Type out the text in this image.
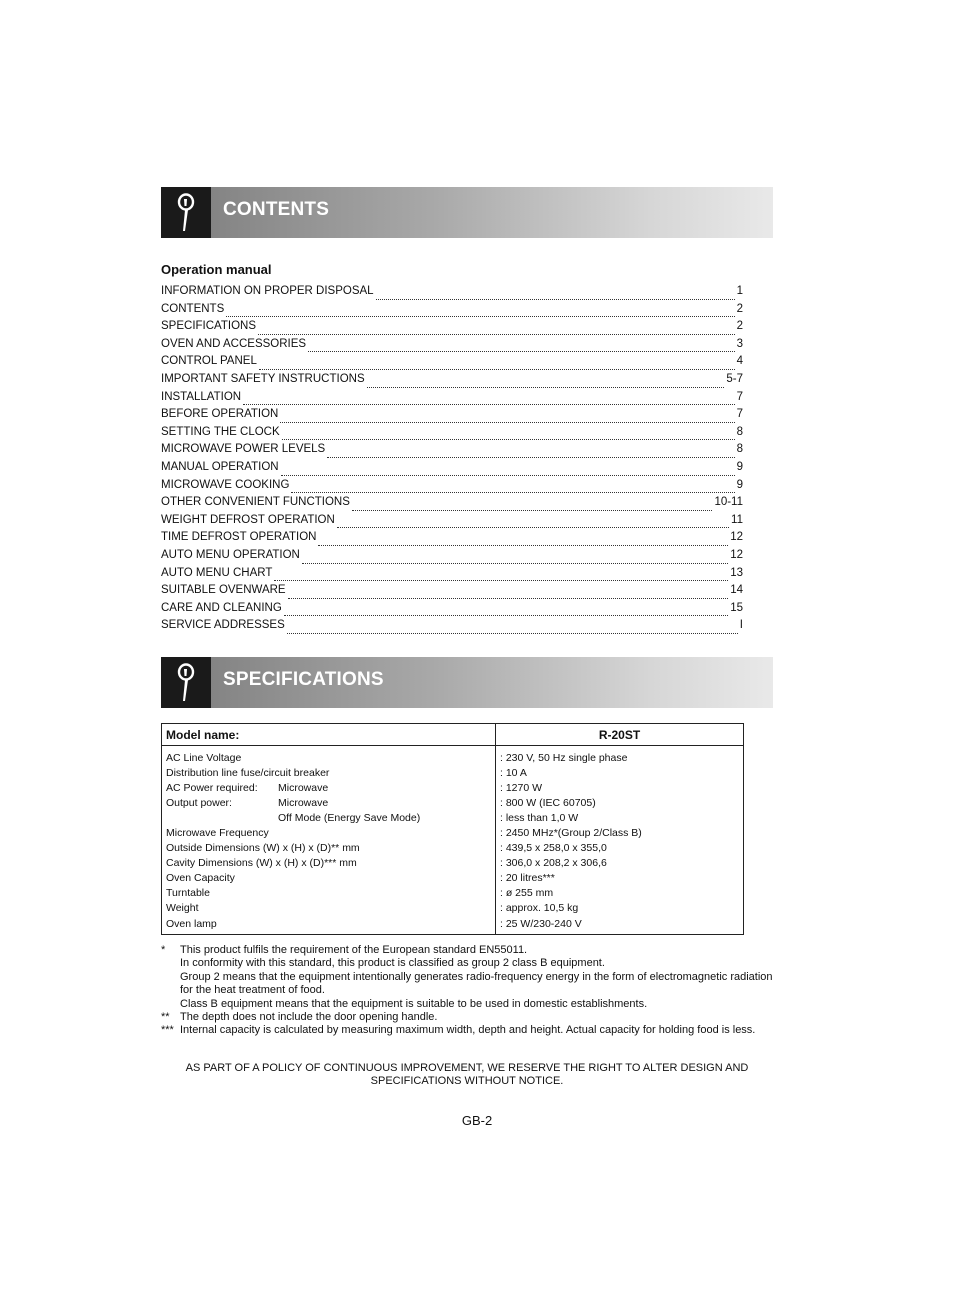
CONTENTS
Operation manual
INFORMATION ON PROPER DISPOSAL	1
CONTENTS	2
SPECIFICATIONS	2
OVEN AND ACCESSORIES	3
CONTROL PANEL	4
IMPORTANT SAFETY INSTRUCTIONS	5-7
INSTALLATION	7
BEFORE OPERATION	7
SETTING THE CLOCK	8
MICROWAVE POWER LEVELS	8
MANUAL OPERATION	9
MICROWAVE COOKING	9
OTHER CONVENIENT FUNCTIONS	10-11
WEIGHT DEFROST OPERATION	11
TIME DEFROST OPERATION	12
AUTO MENU OPERATION	12
AUTO MENU CHART	13
SUITABLE OVENWARE	14
CARE AND CLEANING	15
SERVICE ADDRESSES	I
SPECIFICATIONS
Model name:	R-20ST
AC Line Voltage	: 230 V, 50 Hz single phase
Distribution line fuse/circuit breaker	: 10 A
AC Power required: Microwave	: 1270 W
Output power: Microwave	: 800 W (IEC 60705)
Off Mode (Energy Save Mode)	: less than 1,0 W
Microwave Frequency	: 2450 MHz*(Group 2/Class B)
Outside Dimensions (W) x (H) x (D)** mm	: 439,5 x 258,0 x 355,0
Cavity Dimensions (W) x (H) x (D)*** mm	: 306,0 x 208,2 x 306,6
Oven Capacity	: 20 litres***
Turntable	: ø 255 mm
Weight	: approx. 10,5 kg
Oven lamp	: 25 W/230-240 V
*	This product fulfils the requirement of the European standard EN55011.
In conformity with this standard, this product is classified as group 2 class B equipment.
Group 2 means that the equipment intentionally generates radio-frequency energy in the form of electromagnetic radiation for the heat treatment of food.
Class B equipment means that the equipment is suitable to be used in domestic establishments.
** The depth does not include the door opening handle.
*** Internal capacity is calculated by measuring maximum width, depth and height. Actual capacity for holding food is less.
AS PART OF A POLICY OF CONTINUOUS IMPROVEMENT, WE RESERVE THE RIGHT TO ALTER DESIGN AND SPECIFICATIONS WITHOUT NOTICE.
GB-2
